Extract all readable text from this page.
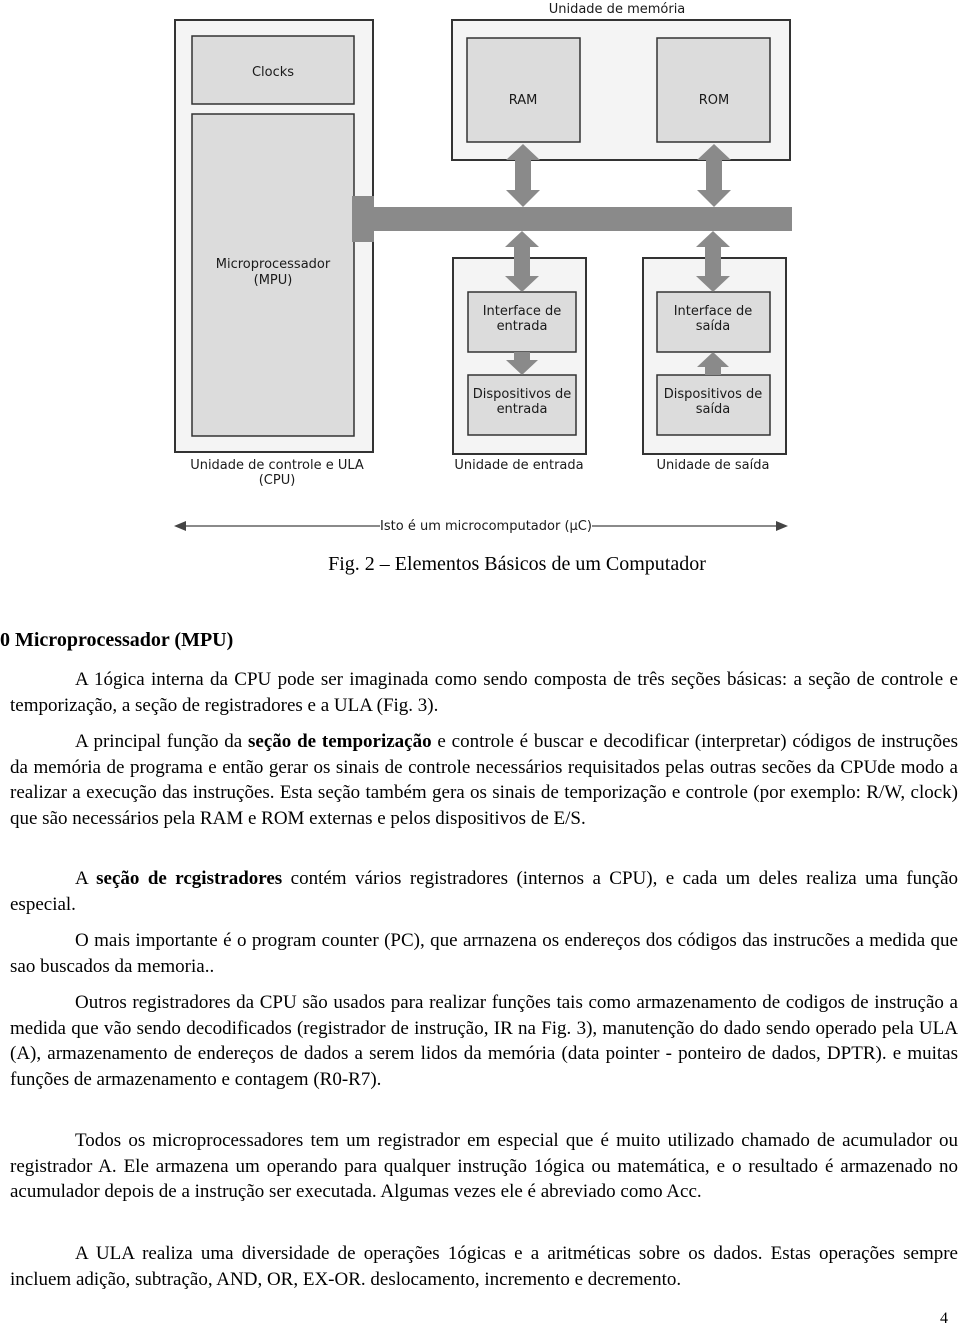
Clocks
Microprocessador
(MPU)
Unidade de memória
RAM	ROM
Interface de
entrada
Dispositivos de
entrada
Unidade de entrada
Interface de
saída
Dispositivos de
saída
Unidade de saída
Unidade de controle e ULA
(CPU)
Isto é um microcomputador (µC)
Fig. 2 – Elementos Básicos de um Computador
0 Microprocessador (MPU)

A 1ógica interna da CPU pode ser imaginada como sendo composta de três seções básicas: a seção de controle e temporização, a seção de registradores e a ULA (Fig. 3).

A principal função da seção de temporização e controle é buscar e decodificar (interpretar) códigos de instruções da memória de programa e então gerar os sinais de controle necessários requisitados pelas outras secões da CPUde modo a realizar a execução das instruções. Esta seção também gera os sinais de temporização e controle (por exemplo: R/W, clock) que são necessários pela RAM e ROM externas e pelos dispositivos de E/S.

A seção de rcgistradores contém vários registradores (internos a CPU), e cada um deles realiza uma função especial.

O mais importante é o program counter (PC), que arrnazena os endereços dos códigos das instrucões a medida que sao buscados da memoria..

Outros registradores da CPU são usados para realizar funções tais como armazenamento de codigos de instrução a medida que vão sendo decodificados (registrador de instrução, IR na Fig. 3), manutenção do dado sendo operado pela ULA (A), armazenamento de endereços de dados a serem lidos da memória (data pointer - ponteiro de dados, DPTR). e muitas funções de armazenamento e contagem (R0-R7).

Todos os microprocessadores tem um registrador em especial que é muito utilizado chamado de acumulador ou registrador A. Ele armazena um operando para qualquer instrução 1ógica ou matemática, e o resultado é armazenado no acumulador depois de a instrução ser executada. Algumas vezes ele é abreviado como Acc.

A ULA realiza uma diversidade de operações 1ógicas e a aritméticas sobre os dados. Estas operações sempre incluem adição, subtração, AND, OR, EX-OR. deslocamento, incremento e decremento.

4
